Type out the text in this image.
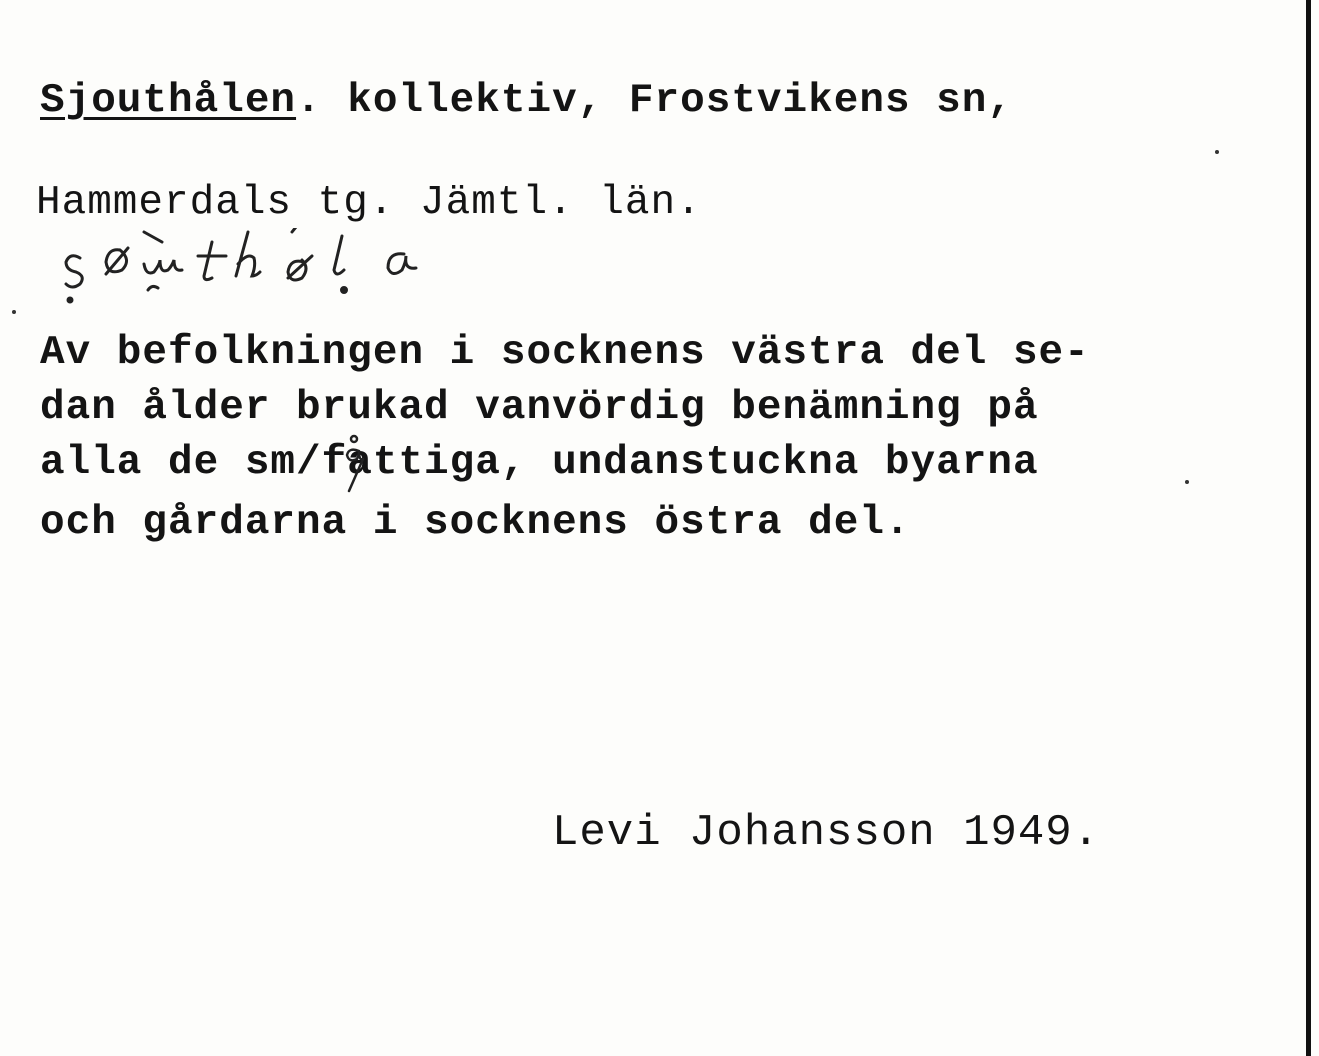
Sjouthålen. kollektiv, Frostvikens sn,
Hammerdals tg. Jämtl. län.
Av befolkningen i socknens västra del se-
dan ålder brukad vanvördig benämning på
alla de sm/fattiga, undanstuckna byarna
och gårdarna i socknens östra del.
Levi Johansson 1949.
